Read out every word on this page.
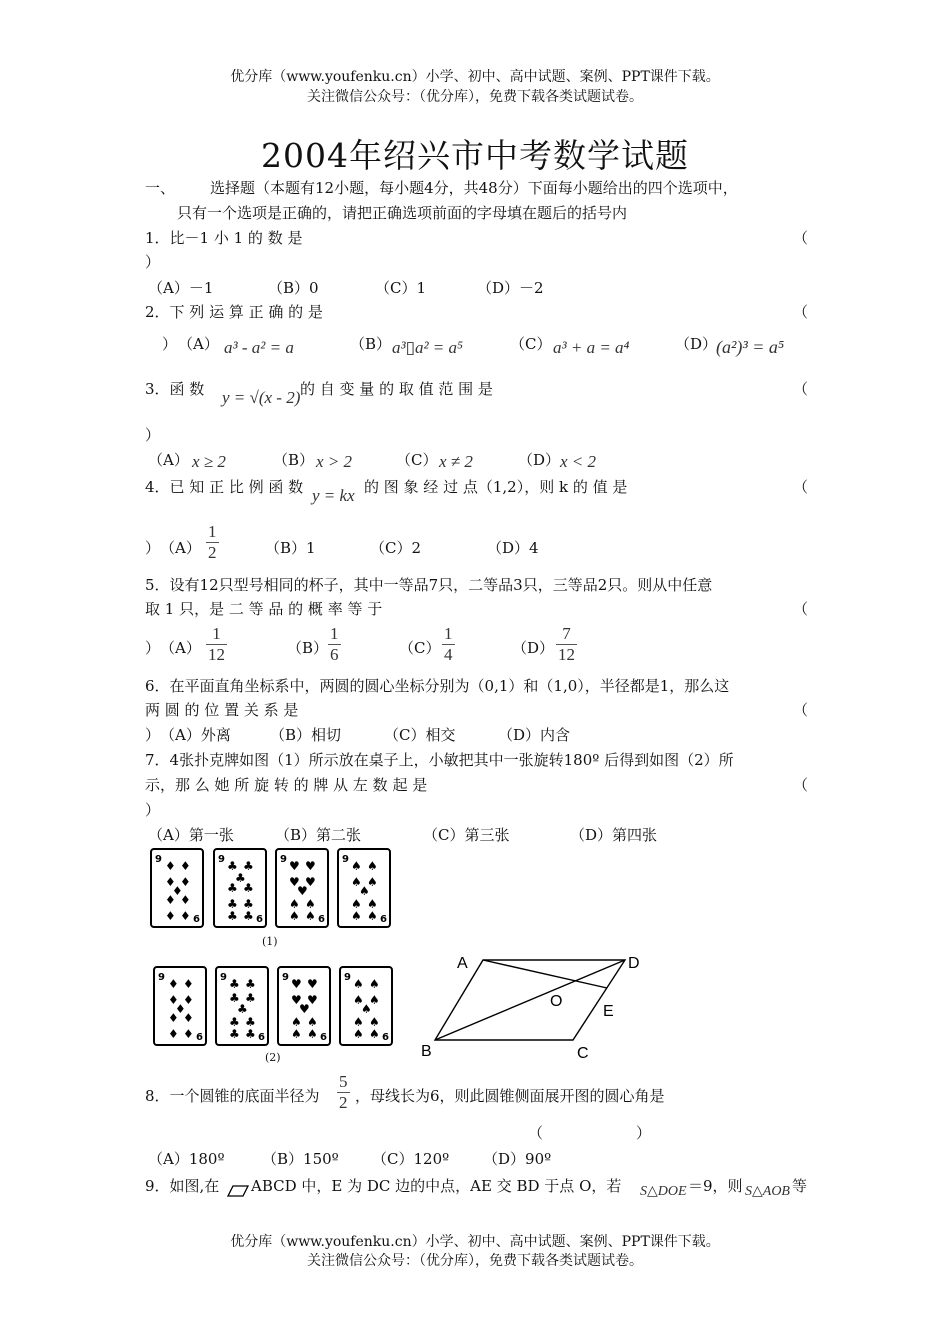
优分库（www.youfenku.cn）小学、初中、高中试题、案例、PPT课件下载。
关注微信公众号：（优分库），免费下载各类试题试卷。
2004年绍兴市中考数学试题
一、 选择题（本题有12小题，每小题4分，共48分）下面每小题给出的四个选项中，
只有一个选项是正确的，请把正确选项前面的字母填在题后的括号内
1．比－1 小 1 的 数 是	（
）
（A）－1	（B）0	（C）1	（D）－2
2．下 列 运 算 正 确 的 是	（
） （A） a³ - a² = a	（B） a³▯a² = a⁵	（C） a³ + a = a⁴	（D）
(a²)³ = a⁵
3．函 数 y = √(x - 2) 的 自 变 量 的 取 值 范 围 是	（
）
（A） x ≥ 2	（B） x > 2	（C） x ≠ 2	（D） x < 2
4．已 知 正 比 例 函 数 y = kx 的 图 象 经 过 点（1,2），则 k 的 值 是	（
） $(A) \frac{1}{2}$	（B）1	（C）2	（D）4
5．设有12只型号相同的杯子，其中一等品7只，二等品3只，三等品2只。则从中任意
取 1 只，是 二 等 品 的 概 率 等 于	（
） $(A) \frac{1}{12}$	$(B) \frac{1}{6}$	$(C) \frac{1}{4}$	$(D) \frac{7}{12}$
6．在平面直角坐标系中，两圆的圆心坐标分别为（0,1）和（1,0），半径都是1，那么这
两 圆 的 位 置 关 系 是	（
） （A）外离	（B）相切	（C）相交	（D）内含
7．4张扑克牌如图（1）所示放在桌子上，小敏把其中一张旋转180º 后得到如图（2）所
示，那 么 她 所 旋 转 的 牌 从 左 数 起 是	（
）
（A）第一张	（B）第二张	（C）第三张	（D）第四张
9
6
♦ ♦
♦ ♦
♦
♦ ♦
♦ ♦
9
6
♣ ♣
♣
♣ ♣
♣ ♣
♣ ♣
9
6
♥ ♥
♥ ♥
♥
♠ ♠
♠ ♠
9
6
♠ ♠
♠ ♠
♠
♠ ♠
♠ ♠
(1)
9
6
♦ ♦
♦ ♦
♦
♦ ♦
♦ ♦
9
6
♣ ♣
♣ ♣
♣
♣ ♣
♣ ♣
9
6
♥ ♥
♥ ♥
♥
♠ ♠
♠ ♠
9
6
♠ ♠
♠ ♠
♠
♠ ♠
♠ ♠
(2)
A	D
O
E
B	C
8．一个圆锥的底面半径为 $\frac{5}{2}$ ，母线长为6，则此圆锥侧面展开图的圆心角是
（	）
（A）180º （B）150º （C）120º （D）90º
9．如图,在 ABCD 中，E 为 DC 边的中点，AE 交 BD 于点 O，若 S△DOE ＝9，则 S△AOB 等
优分库（www.youfenku.cn）小学、初中、高中试题、案例、PPT课件下载。
关注微信公众号：（优分库），免费下载各类试题试卷。
